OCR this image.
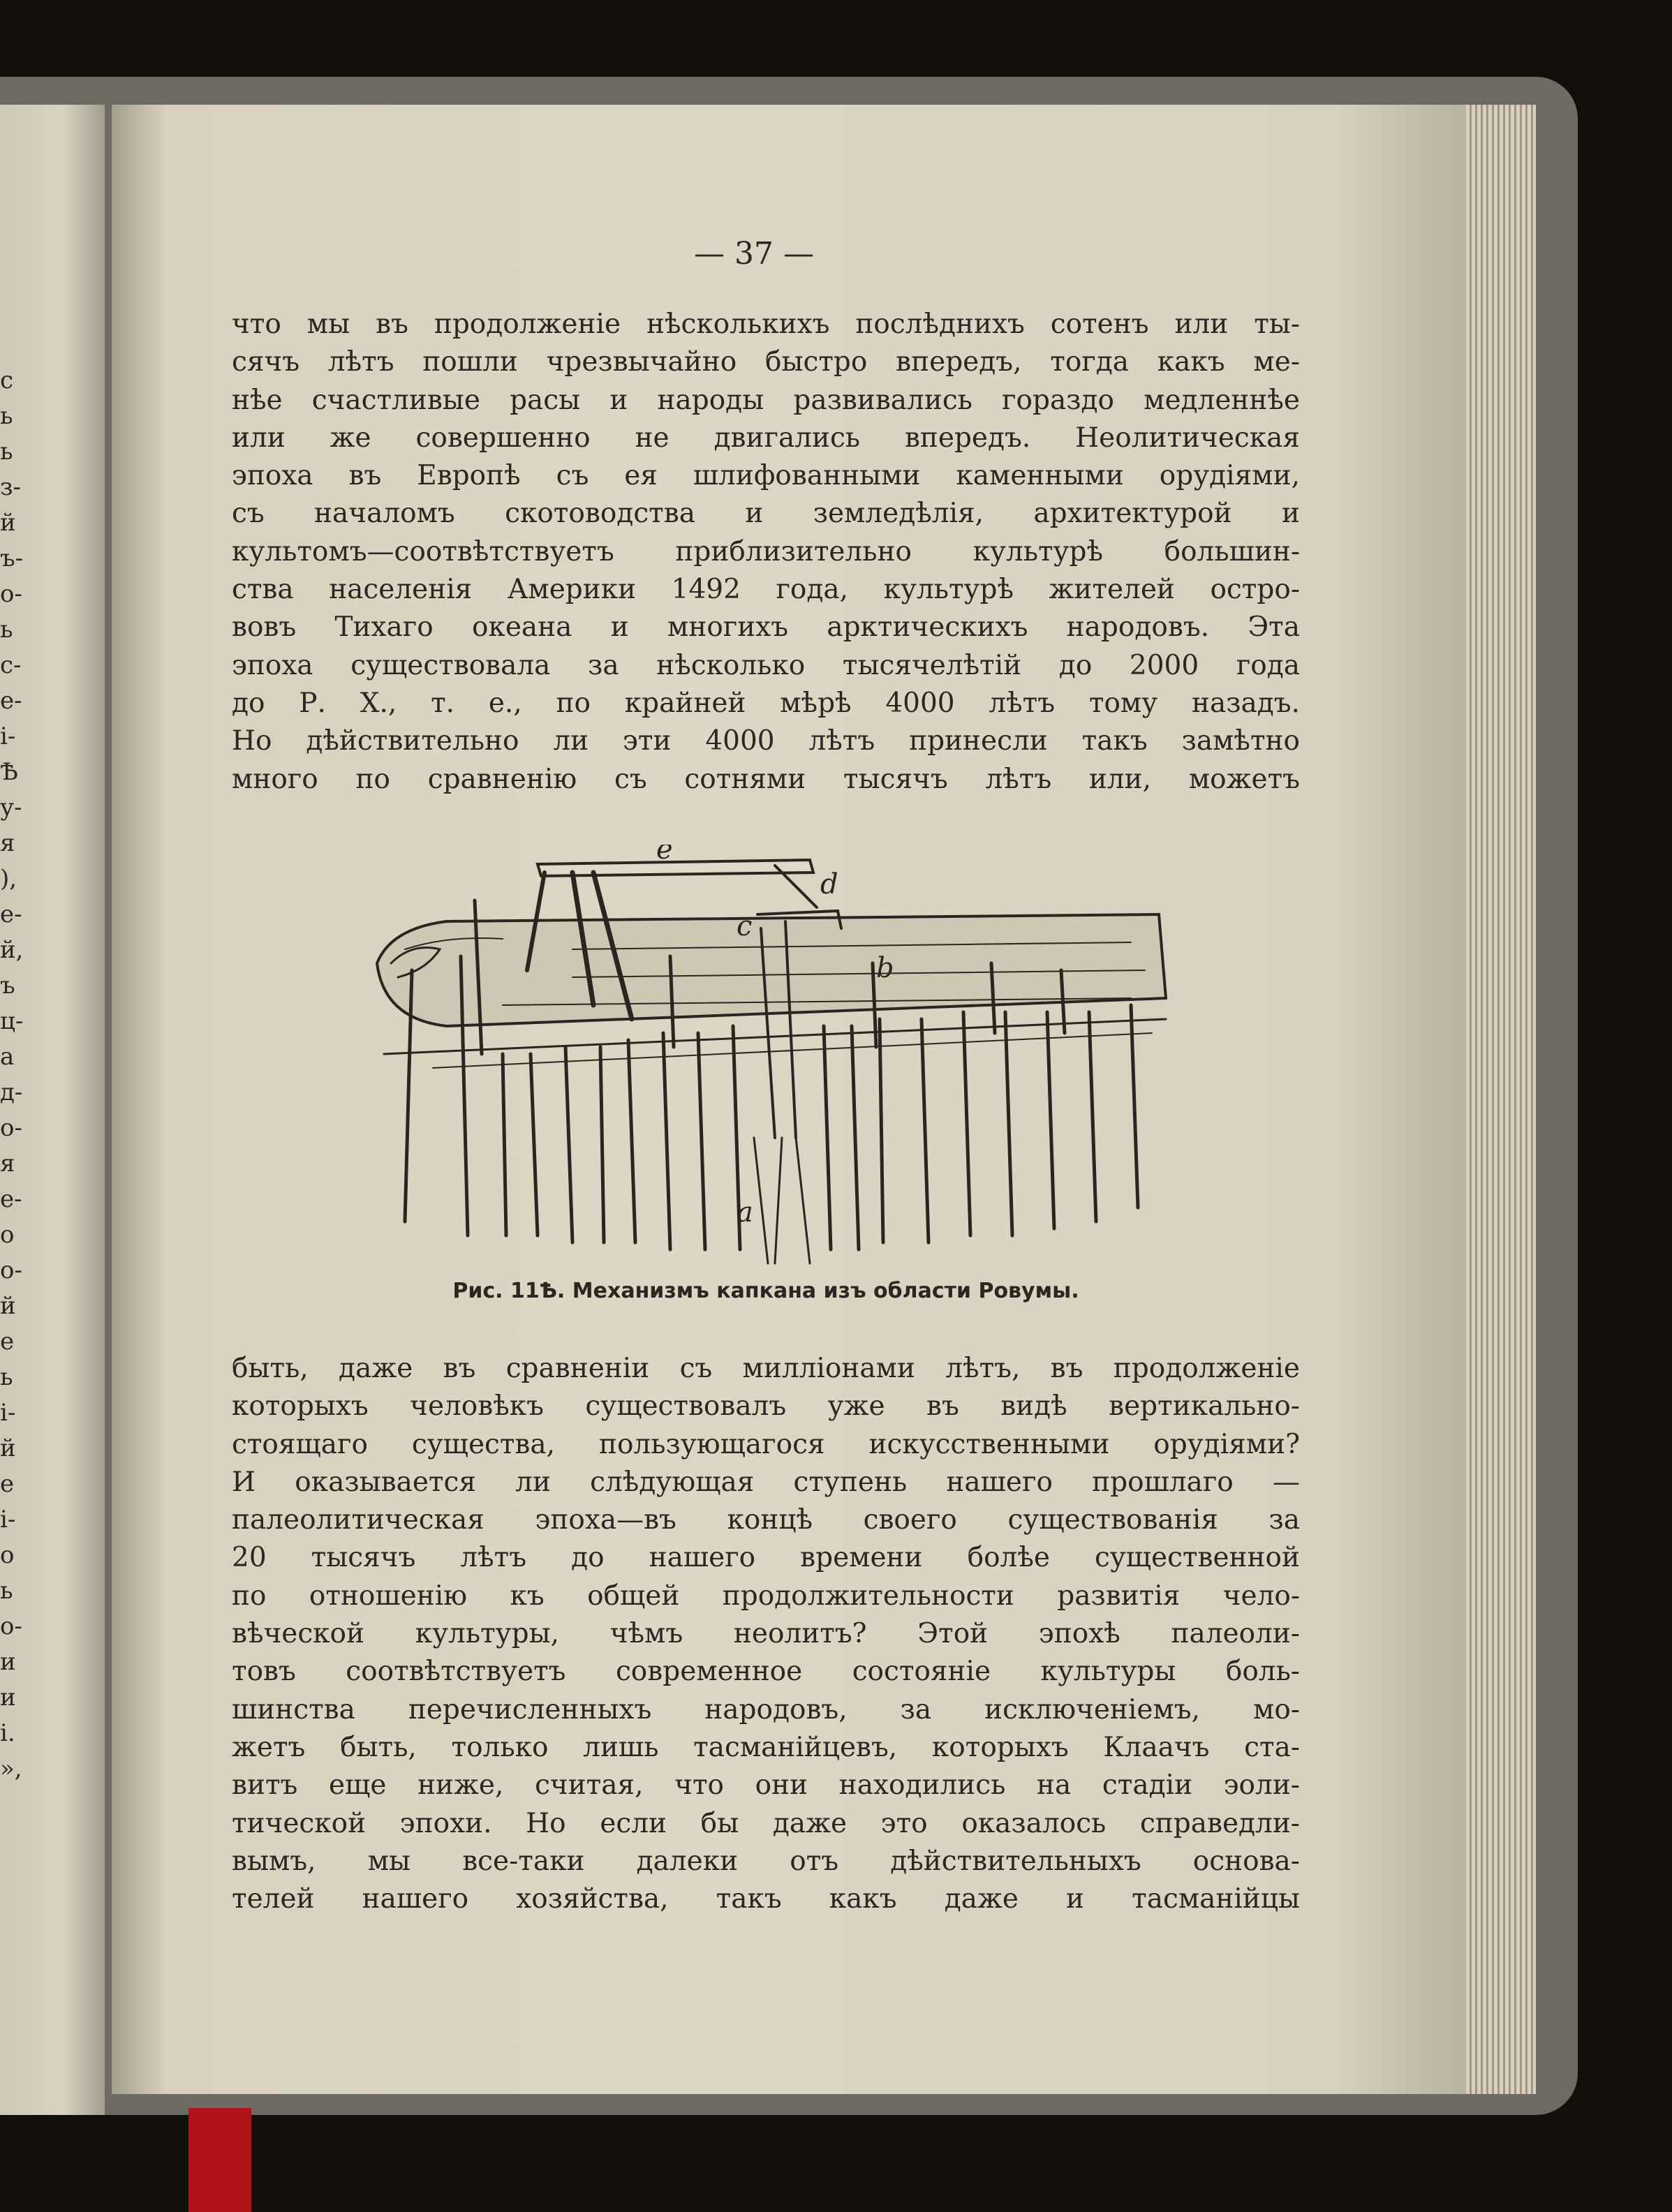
с
ь
ь
з-
й
ъ-
о-
ь
с-
е-
і-
Ѣ
у-
я
),
е-
й,
ъ
ц-
а
д-
о-
я
е-
о
о-
й
е
ь
і-
й
е
і-
о
ь
о-
и
и
і.
»,
— 37 —
что мы въ продолженіе нѣсколькихъ послѣднихъ сотенъ или ты-
сячъ лѣтъ пошли чрезвычайно быстро впередъ, тогда какъ ме-
нѣе счастливые расы и народы развивались гораздо медленнѣе
или же совершенно не двигались впередъ. Неолитическая
эпоха въ Европѣ съ ея шлифованными каменными орудіями,
съ началомъ скотоводства и земледѣлія, архитектурой и
культомъ—соотвѣтствуетъ приблизительно культурѣ большин-
ства населенія Америки 1492 года, культурѣ жителей остро-
вовъ Тихаго океана и многихъ арктическихъ народовъ. Эта
эпоха существовала за нѣсколько тысячелѣтій до 2000 года
до Р. Х., т. е., по крайней мѣрѣ 4000 лѣтъ тому назадъ.
Но дѣйствительно ли эти 4000 лѣтъ принесли такъ замѣтно
много по сравненію съ сотнями тысячъ лѣтъ или, можетъ
e
d
c
b
a
Рис. 11Ѣ. Механизмъ капкана изъ области Ровумы.
быть, даже въ сравненіи съ милліонами лѣтъ, въ продолженіе
которыхъ человѣкъ существовалъ уже въ видѣ вертикально-
стоящаго существа, пользующагося искусственными орудіями?
И оказывается ли слѣдующая ступень нашего прошлаго —
палеолитическая эпоха—въ концѣ своего существованія за
20 тысячъ лѣтъ до нашего времени болѣе существенной
по отношенію къ общей продолжительности развитія чело-
вѣческой культуры, чѣмъ неолитъ? Этой эпохѣ палеоли-
товъ соотвѣтствуетъ современное состояніе культуры боль-
шинства перечисленныхъ народовъ, за исключеніемъ, мо-
жетъ быть, только лишь тасманійцевъ, которыхъ Клаачъ ста-
витъ еще ниже, считая, что они находились на стадіи эоли-
тической эпохи. Но если бы даже это оказалось справедли-
вымъ, мы все-таки далеки отъ дѣйствительныхъ основа-
телей нашего хозяйства, такъ какъ даже и тасманійцы
